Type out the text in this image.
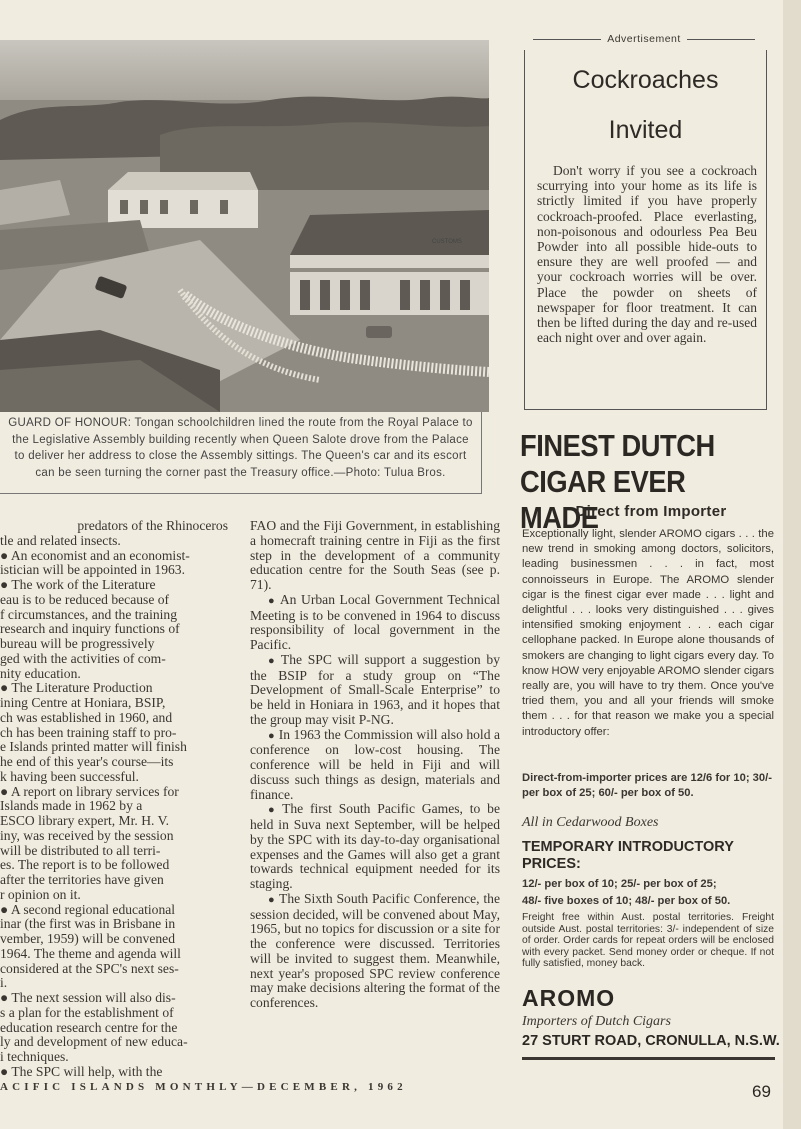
CUSTOMS
GUARD OF HONOUR: Tongan schoolchildren lined the route from the Royal Palace to the Legislative Assembly building recently when Queen Salote drove from the Palace to deliver her address to close the Assembly sittings. The Queen's car and its escort can be seen turning the corner past the Treasury office.—Photo: Tulua Bros.

predators of the Rhinoceros

tle and related insects.

● An economist and an economist-

istician will be appointed in 1963.

● The work of the Literature

eau is to be reduced because of

f circumstances, and the training

research and inquiry functions of

bureau will be progressively

ged with the activities of com-

nity education.

● The Literature Production

ining Centre at Honiara, BSIP,

ch was established in 1960, and

ch has been training staff to pro-

e Islands printed matter will finish

he end of this year's course—its

k having been successful.

● A report on library services for

Islands made in 1962 by a

ESCO library expert, Mr. H. V.

iny, was received by the session

will be distributed to all terri-

es. The report is to be followed

after the territories have given

r opinion on it.

● A second regional educational

inar (the first was in Brisbane in

vember, 1959) will be convened

1964. The theme and agenda will

considered at the SPC's next ses-

i.

● The next session will also dis-

s a plan for the establishment of

education research centre for the

ly and development of new educa-

i techniques.

● The SPC will help, with the

FAO and the Fiji Government, in establishing a homecraft training centre in Fiji as the first step in the development of a community education centre for the South Seas (see p. 71).

● An Urban Local Government Technical Meeting is to be convened in 1964 to discuss responsibility of local government in the Pacific.

● The SPC will support a suggestion by the BSIP for a study group on “The Development of Small-Scale Enterprise” to be held in Honiara in 1963, and it hopes that the group may visit P-NG.

● In 1963 the Commission will also hold a conference on low-cost housing. The conference will be held in Fiji and will discuss such things as design, materials and finance.

● The first South Pacific Games, to be held in Suva next September, will be helped by the SPC with its day-to-day organisational expenses and the Games will also get a grant towards technical equipment needed for its staging.

● The Sixth South Pacific Conference, the session decided, will be convened about May, 1965, but no topics for discussion or a site for the conference were discussed. Territories will be invited to suggest them. Meanwhile, next year's proposed SPC review conference may make decisions altering the format of the conferences.

Advertisement
Cockroaches
Invited
Don't worry if you see a cockroach scurrying into your home as its life is strictly limited if you have properly cockroach-proofed. Place everlasting, non-poisonous and odourless Pea Beu Powder into all possible hide-outs to ensure they are well proofed — and your cockroach worries will be over. Place the powder on sheets of newspaper for floor treatment. It can then be lifted during the day and re-used each night over and over again.
FINEST DUTCH
CIGAR EVER MADE
Direct from Importer
Exceptionally light, slender AROMO cigars . . . the new trend in smoking among doctors, solicitors, leading businessmen . . . in fact, most connoisseurs in Europe. The AROMO slender cigar is the finest cigar ever made . . . light and delightful . . . looks very distinguished . . . gives intensified smoking enjoyment . . . each cigar cellophane packed. In Europe alone thousands of smokers are changing to light cigars every day. To know HOW very enjoyable AROMO slender cigars really are, you will have to try them. Once you've tried them, you and all your friends will smoke them . . . for that reason we make you a special introductory offer:
Direct-from-importer prices are 12/6 for 10; 30/- per box of 25; 60/- per box of 50.
All in Cedarwood Boxes
TEMPORARY INTRODUCTORY PRICES:
12/- per box of 10; 25/- per box of 25;
48/- five boxes of 10; 48/- per box of 50.
Freight free within Aust. postal territories. Freight outside Aust. postal territories: 3/- independent of size of order. Order cards for repeat orders will be enclosed with every packet. Send money order or cheque. If not fully satisfied, money back.
AROMO
Importers of Dutch Cigars
27 STURT ROAD, CRONULLA, N.S.W.
ACIFIC ISLANDS MONTHLY—DECEMBER, 1962	69
